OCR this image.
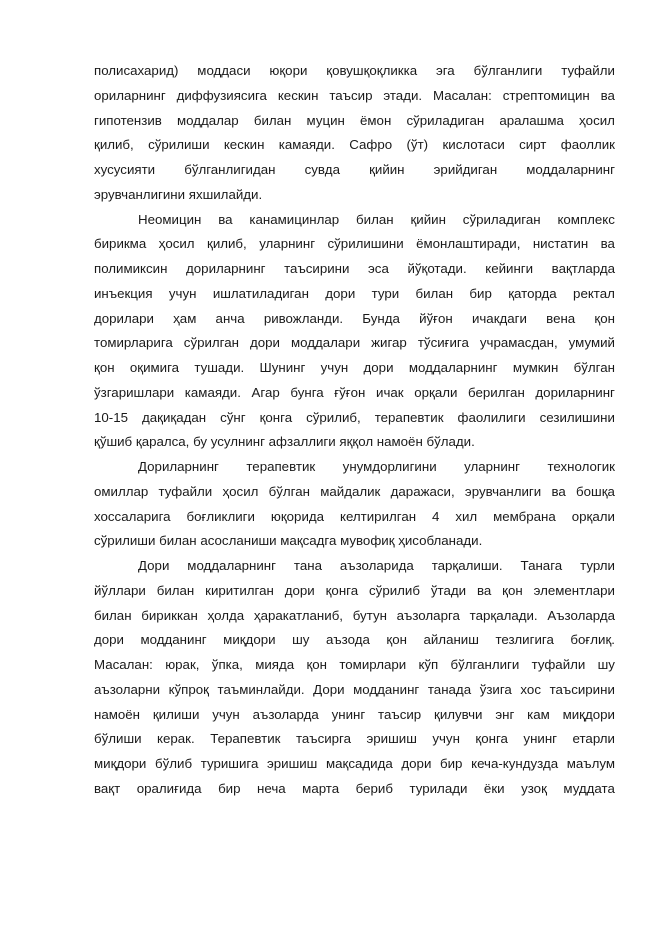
полисахарид) моддаси юқори қовушқоқликка эга бўлганлиги туфайли
ориларнинг диффузиясига кескин таъсир этади. Масалан: стрептомицин ва
гипотензив моддалар билан муцин ёмон сўриладиган аралашма ҳосил
қилиб, сўрилиши кескин камаяди. Сафро (ўт) кислотаси сирт фаоллик
хусусияти бўлганлигидан сувда қийин эрийдиган моддаларнинг
эрувчанлигини яхшилайди.
Неомицин ва канамицинлар билан қийин сўриладиган комплекс
бирикма ҳосил қилиб, уларнинг сўрилишини ёмонлаштиради, нистатин ва
полимиксин дориларнинг таъсирини эса йўқотади. кейинги вақтларда
инъекция учун ишлатиладиган дори тури билан бир қаторда ректал
дорилари ҳам анча ривожланди. Бунда йўғон ичакдаги вена қон
томирларига сўрилган дори моддалари жигар тўсиғига учрамасдан, умумий
қон оқимига тушади. Шунинг учун дори моддаларнинг мумкин бўлган
ўзгаришлари камаяди. Агар бунга ғўғон ичак орқали берилган дориларнинг
10-15 дақиқадан сўнг қонга сўрилиб, терапевтик фаолилиги сезилишини
қўшиб қаралса, бу усулнинг афзаллиги яққол намоён бўлади.
Дориларнинг терапевтик унумдорлигини уларнинг технологик
омиллар туфайли ҳосил бўлган майдалик даражаси, эрувчанлиги ва бошқа
хоссаларига боғликлиги юқорида келтирилган 4 хил мембрана орқали
сўрилиши билан асосланиши мақсадга мувофиқ ҳисобланади.
Дори моддаларнинг тана аъзоларида тарқалиши. Танага турли
йўллари билан киритилган дори қонга сўрилиб ўтади ва қон элементлари
билан бириккан ҳолда ҳаракатланиб, бутун аъзоларга тарқалади. Аъзоларда
дори модданинг миқдори шу аъзода қон айланиш тезлигига боғлиқ.
Масалан: юрак, ўпка, мияда қон томирлари кўп бўлганлиги туфайли шу
аъзоларни кўпроқ таъминлайди. Дори модданинг танада ўзига хос таъсирини
намоён қилиши учун аъзоларда унинг таъсир қилувчи энг кам миқдори
бўлиши керак. Терапевтик таъсирга эришиш учун қонга унинг етарли
миқдори бўлиб туришига эришиш мақсадида дори бир кеча-кундузда маълум
вақт оралиғида бир неча марта бериб турилади ёки узоқ муддата
